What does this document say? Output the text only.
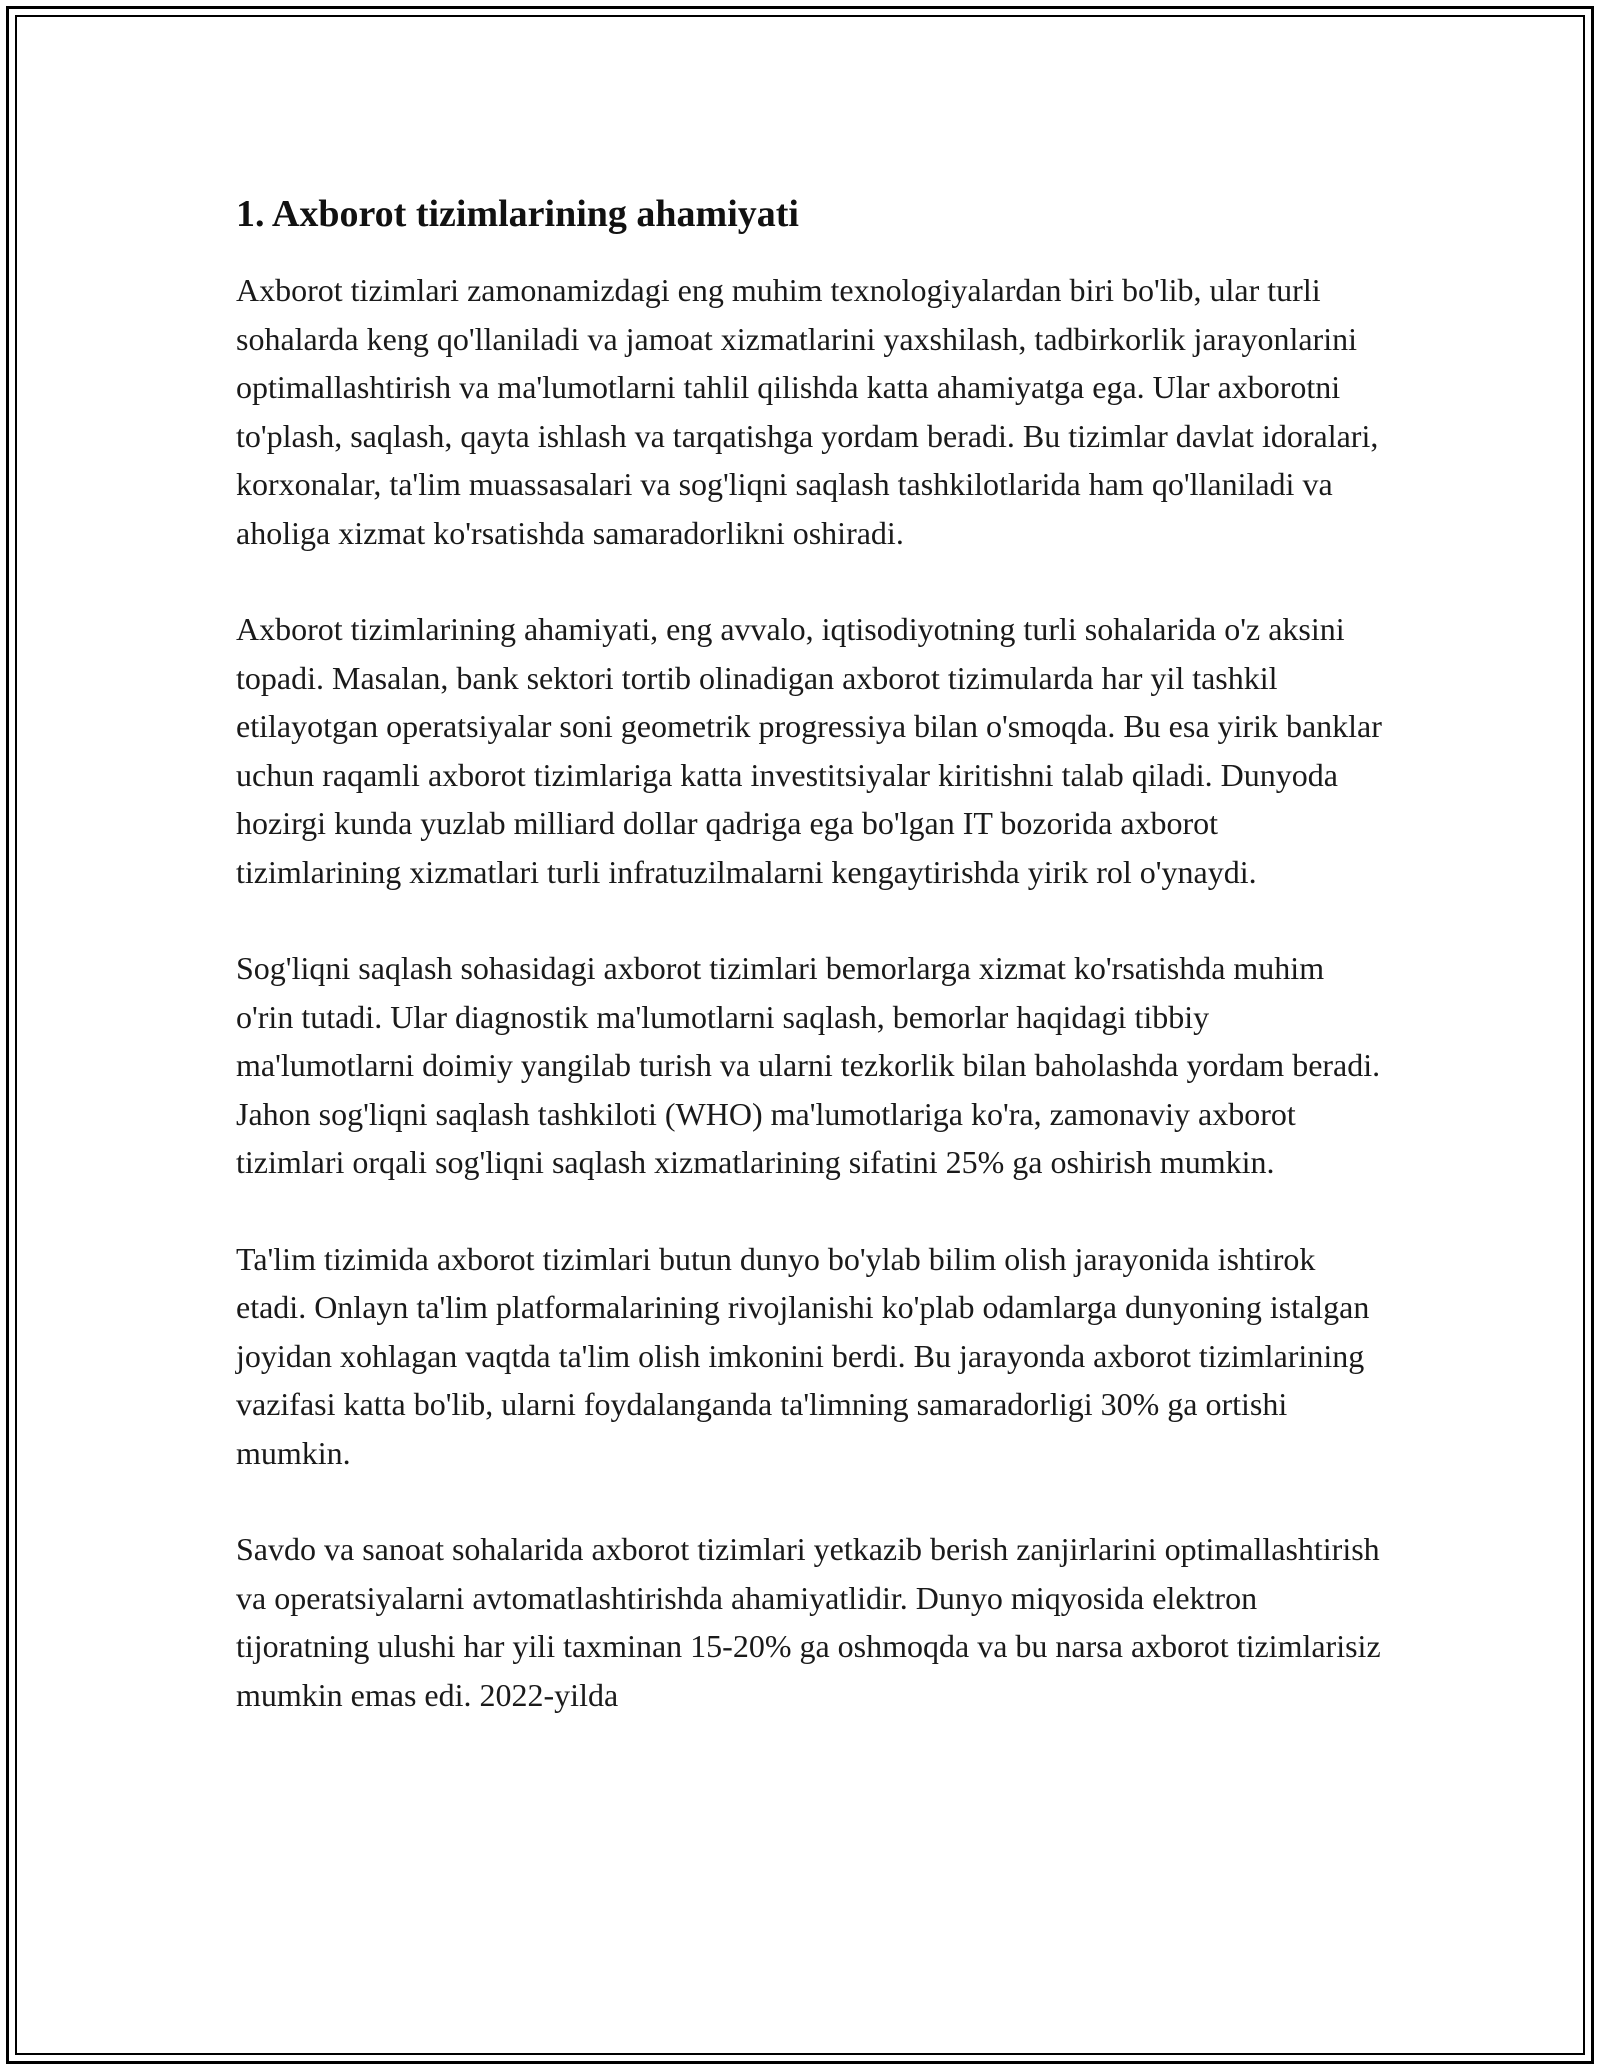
1. Axborot tizimlarining ahamiyati

Axborot tizimlari zamonamizdagi eng muhim texnologiyalardan biri bo'lib, ular turli sohalarda keng qo'llaniladi va jamoat xizmatlarini yaxshilash, tadbirkorlik jarayonlarini optimallashtirish va ma'lumotlarni tahlil qilishda katta ahamiyatga ega. Ular axborotni to'plash, saqlash, qayta ishlash va tarqatishga yordam beradi. Bu tizimlar davlat idoralari, korxonalar, ta'lim muassasalari va sog'liqni saqlash tashkilotlarida ham qo'llaniladi va aholiga xizmat ko'rsatishda samaradorlikni oshiradi.

Axborot tizimlarining ahamiyati, eng avvalo, iqtisodiyotning turli sohalarida o'z aksini topadi. Masalan, bank sektori tortib olinadigan axborot tizimularda har yil tashkil etilayotgan operatsiyalar soni geometrik progressiya bilan o'smoqda. Bu esa yirik banklar uchun raqamli axborot tizimlariga katta investitsiyalar kiritishni talab qiladi. Dunyoda hozirgi kunda yuzlab milliard dollar qadriga ega bo'lgan IT bozorida axborot tizimlarining xizmatlari turli infratuzilmalarni kengaytirishda yirik rol o'ynaydi.

Sog'liqni saqlash sohasidagi axborot tizimlari bemorlarga xizmat ko'rsatishda muhim o'rin tutadi. Ular diagnostik ma'lumotlarni saqlash, bemorlar haqidagi tibbiy ma'lumotlarni doimiy yangilab turish va ularni tezkorlik bilan baholashda yordam beradi. Jahon sog'liqni saqlash tashkiloti (WHO) ma'lumotlariga ko'ra, zamonaviy axborot tizimlari orqali sog'liqni saqlash xizmatlarining sifatini 25% ga oshirish mumkin.

Ta'lim tizimida axborot tizimlari butun dunyo bo'ylab bilim olish jarayonida ishtirok etadi. Onlayn ta'lim platformalarining rivojlanishi ko'plab odamlarga dunyoning istalgan joyidan xohlagan vaqtda ta'lim olish imkonini berdi. Bu jarayonda axborot tizimlarining vazifasi katta bo'lib, ularni foydalanganda ta'limning samaradorligi 30% ga ortishi mumkin.

Savdo va sanoat sohalarida axborot tizimlari yetkazib berish zanjirlarini optimallashtirish va operatsiyalarni avtomatlashtirishda ahamiyatlidir. Dunyo miqyosida elektron tijoratning ulushi har yili taxminan 15-20% ga oshmoqda va bu narsa axborot tizimlarisiz mumkin emas edi. 2022-yilda
